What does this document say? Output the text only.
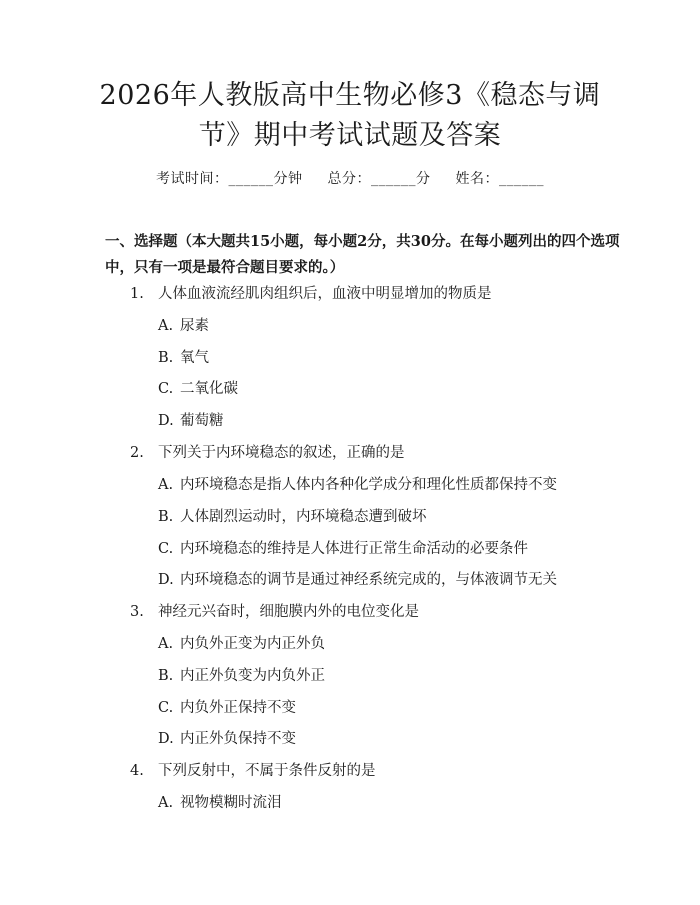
2026年人教版高中生物必修3《稳态与调
节》期中考试试题及答案
考试时间：______分钟 总分：______分 姓名：______
一、选择题（本大题共15小题，每小题2分，共30分。在每小题列出的四个选项中，只有一项是最符合题目要求的。）
1. 人体血液流经肌肉组织后，血液中明显增加的物质是
A. 尿素
B. 氧气
C. 二氧化碳
D. 葡萄糖
2. 下列关于内环境稳态的叙述，正确的是
A. 内环境稳态是指人体内各种化学成分和理化性质都保持不变
B. 人体剧烈运动时，内环境稳态遭到破坏
C. 内环境稳态的维持是人体进行正常生命活动的必要条件
D. 内环境稳态的调节是通过神经系统完成的，与体液调节无关
3. 神经元兴奋时，细胞膜内外的电位变化是
A. 内负外正变为内正外负
B. 内正外负变为内负外正
C. 内负外正保持不变
D. 内正外负保持不变
4. 下列反射中，不属于条件反射的是
A. 视物模糊时流泪
